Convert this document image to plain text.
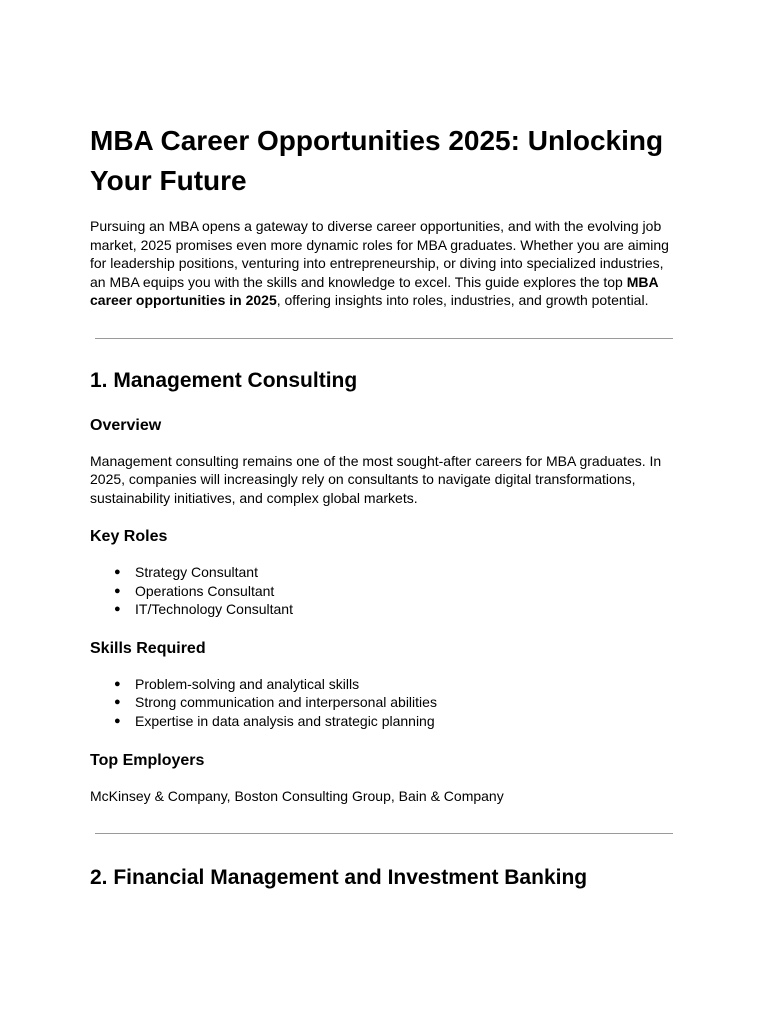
MBA Career Opportunities 2025: Unlocking Your Future

Pursuing an MBA opens a gateway to diverse career opportunities, and with the evolving job market, 2025 promises even more dynamic roles for MBA graduates. Whether you are aiming for leadership positions, venturing into entrepreneurship, or diving into specialized industries, an MBA equips you with the skills and knowledge to excel. This guide explores the top MBA career opportunities in 2025, offering insights into roles, industries, and growth potential.

1. Management Consulting
Overview

Management consulting remains one of the most sought-after careers for MBA graduates. In 2025, companies will increasingly rely on consultants to navigate digital transformations, sustainability initiatives, and complex global markets.

Key Roles
● Strategy Consultant
● Operations Consultant
● IT/Technology Consultant
Skills Required
● Problem-solving and analytical skills
● Strong communication and interpersonal abilities
● Expertise in data analysis and strategic planning
Top Employers

McKinsey & Company, Boston Consulting Group, Bain & Company

2. Financial Management and Investment Banking
